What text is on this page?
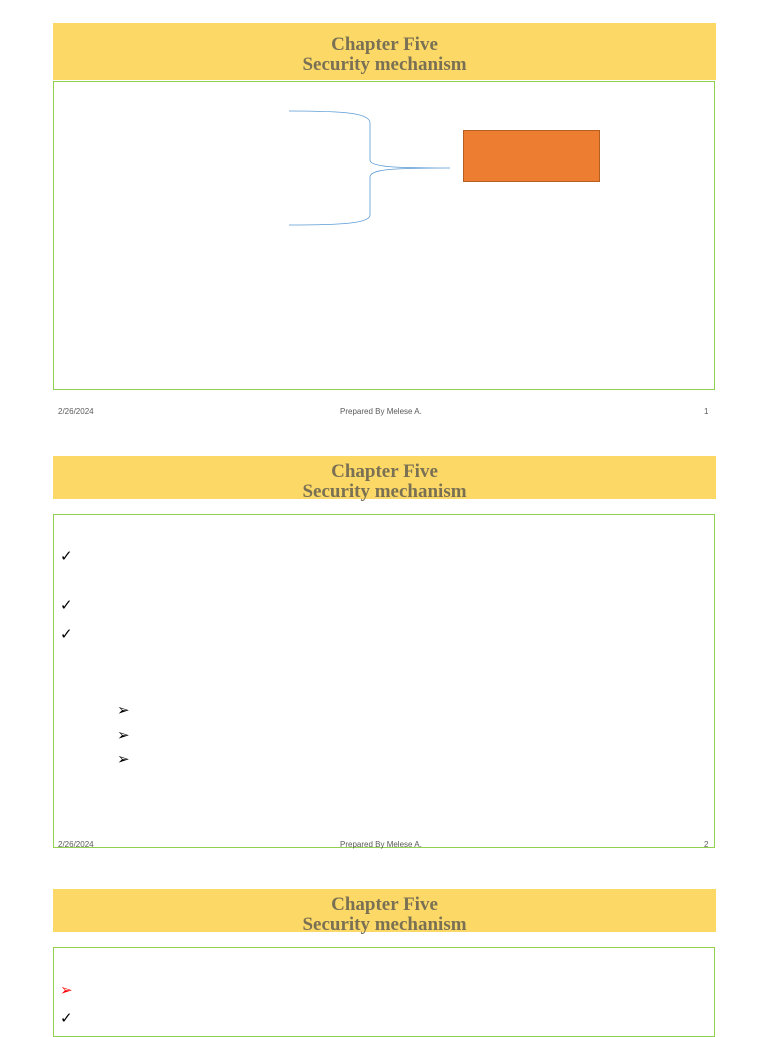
Chapter Five
Security mechanism
2/26/2024	Prepared By Melese A.	1
Chapter Five
Security mechanism
✓
✓
✓
➢
➢
➢
2/26/2024	Prepared By Melese A.	2
Chapter Five
Security mechanism
➢
✓
